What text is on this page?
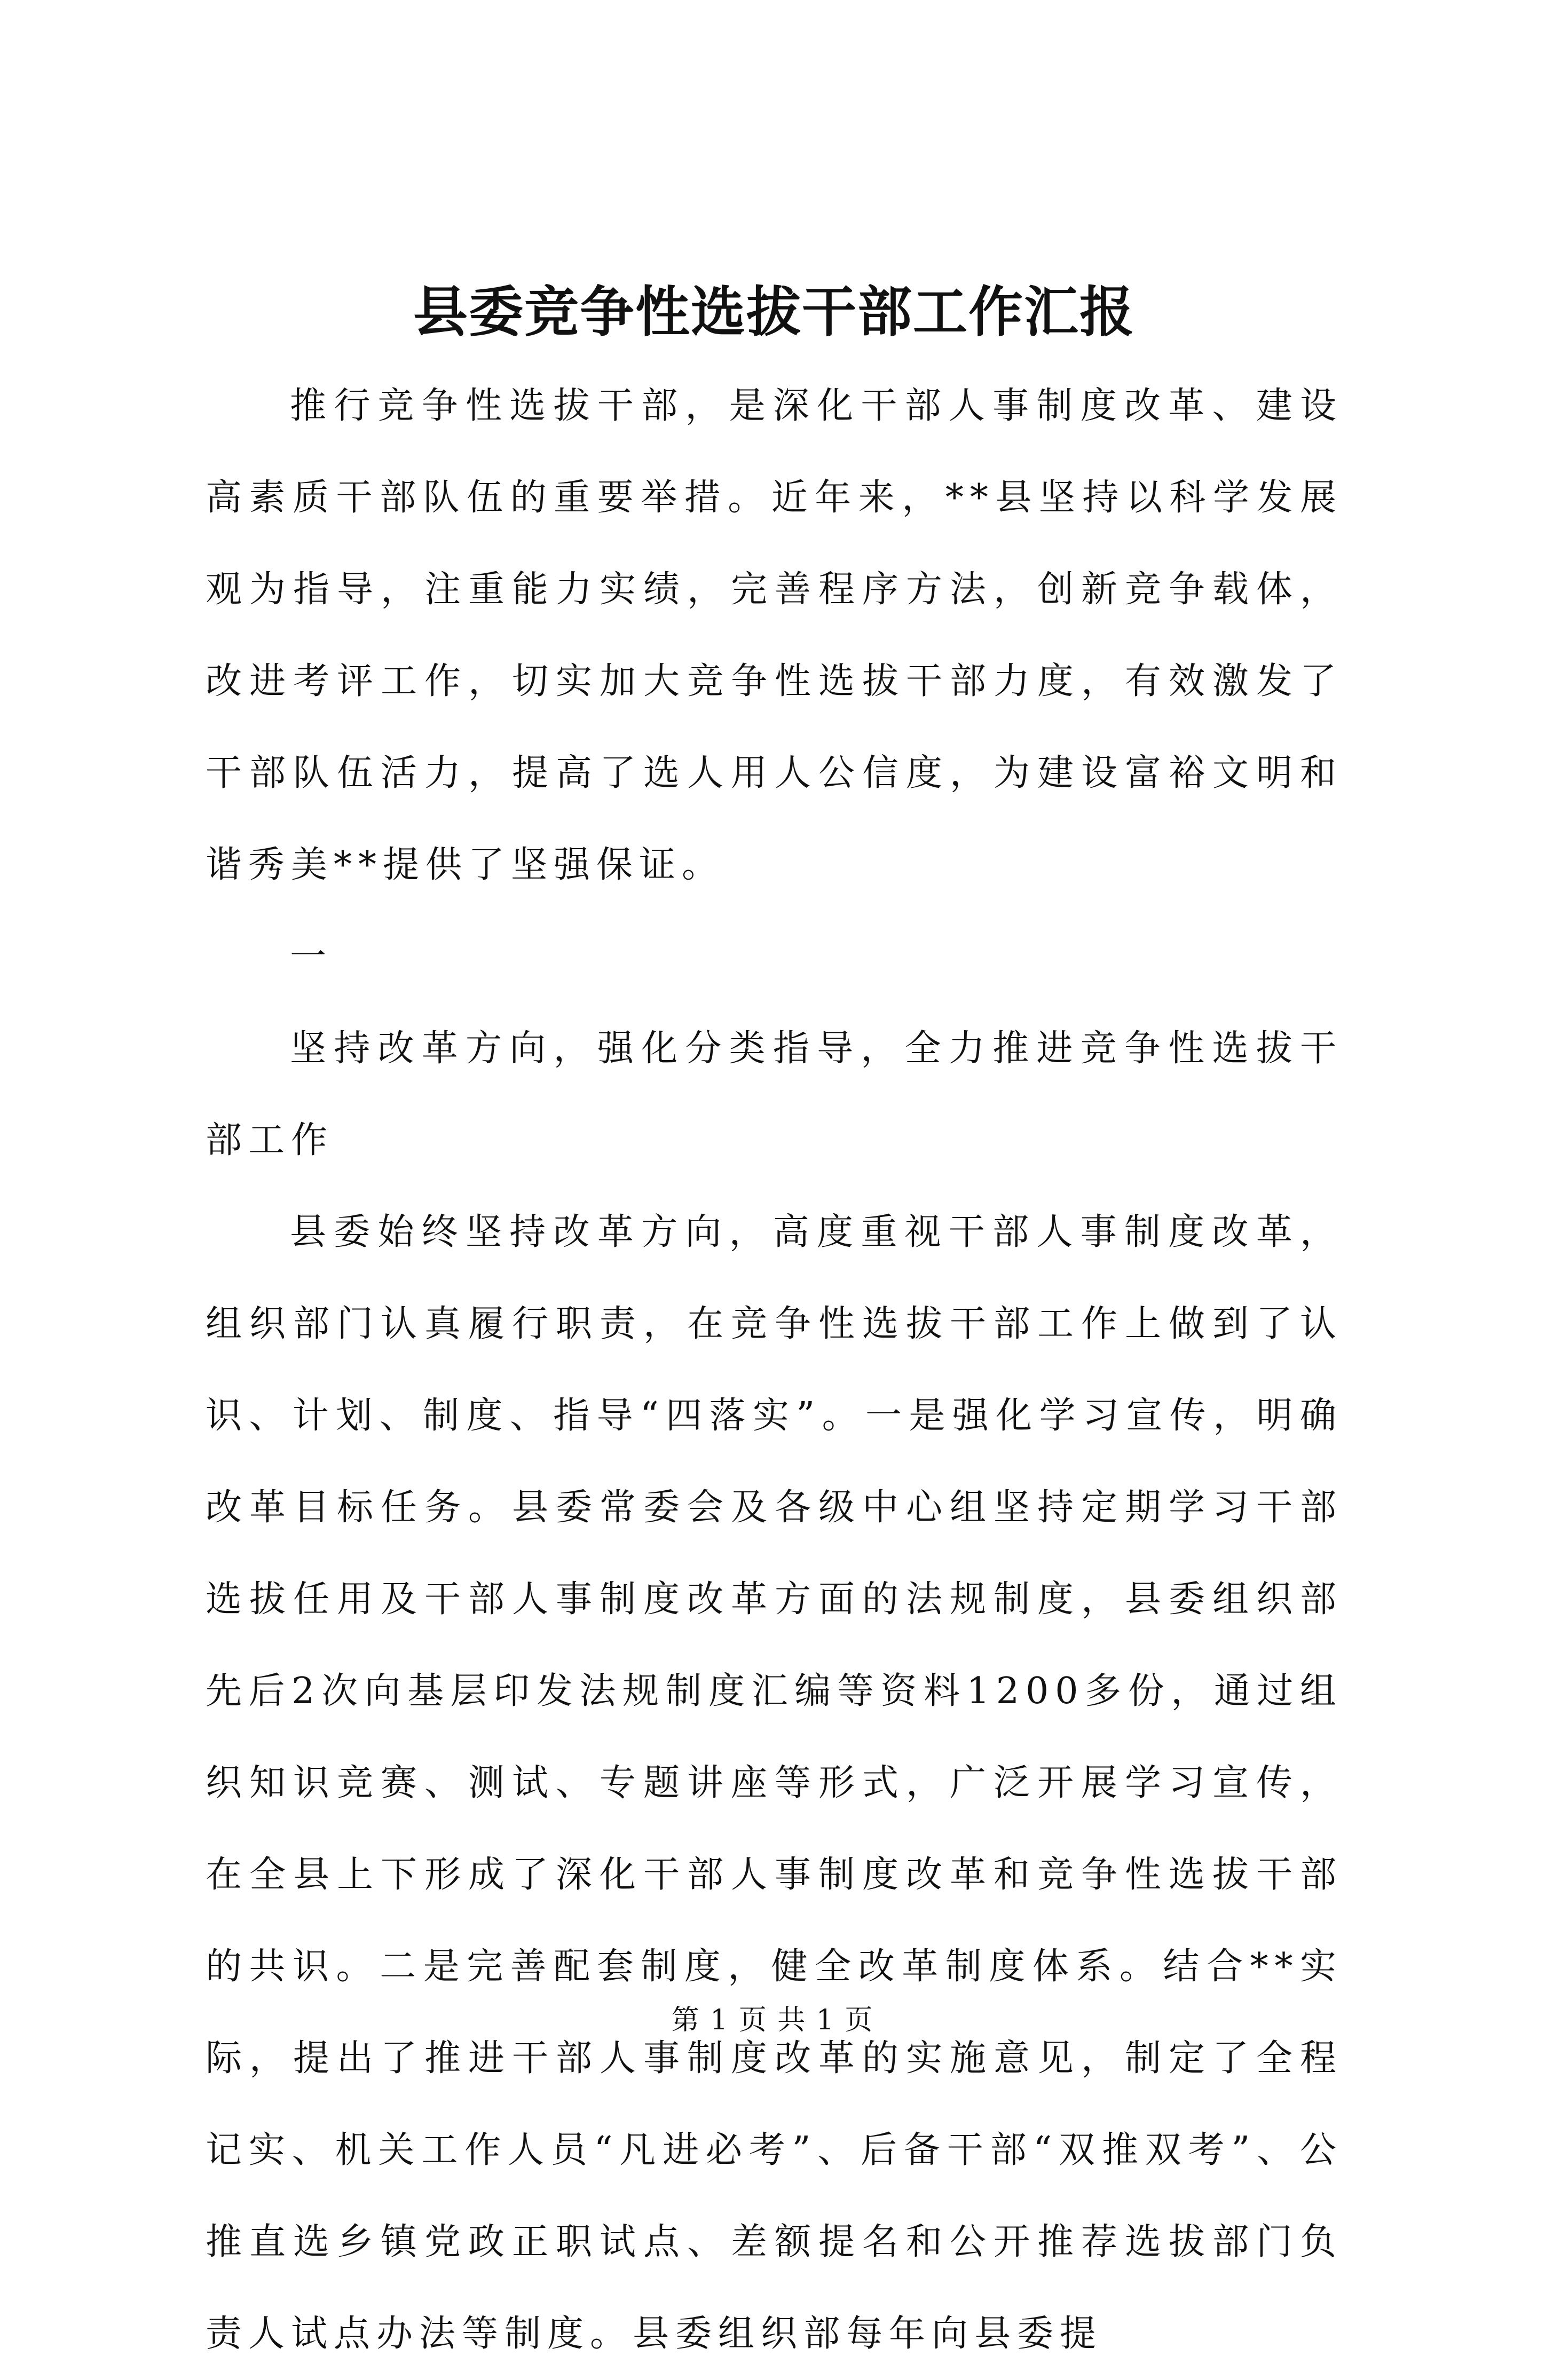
县委竞争性选拔干部工作汇报

推行竞争性选拔干部，是深化干部人事制度改革、建设高素质干部队伍的重要举措。近年来，**县坚持以科学发展观为指导，注重能力实绩，完善程序方法，创新竞争载体，改进考评工作，切实加大竞争性选拔干部力度，有效激发了干部队伍活力，提高了选人用人公信度，为建设富裕文明和谐秀美**提供了坚强保证。

一

坚持改革方向，强化分类指导，全力推进竞争性选拔干部工作

县委始终坚持改革方向，高度重视干部人事制度改革，组织部门认真履行职责，在竞争性选拔干部工作上做到了认识、计划、制度、指导“四落实”。一是强化学习宣传，明确改革目标任务。县委常委会及各级中心组坚持定期学习干部选拔任用及干部人事制度改革方面的法规制度，县委组织部先后2次向基层印发法规制度汇编等资料1200多份，通过组织知识竞赛、测试、专题讲座等形式，广泛开展学习宣传，在全县上下形成了深化干部人事制度改革和竞争性选拔干部的共识。二是完善配套制度，健全改革制度体系。结合**实际，提出了推进干部人事制度改革的实施意见，制定了全程记实、机关工作人员“凡进必考”、后备干部“双推双考”、公推直选乡镇党政正职试点、差额提名和公开推荐选拔部门负责人试点办法等制度。县委组织部每年向县委提

第 1 页 共 1 页
